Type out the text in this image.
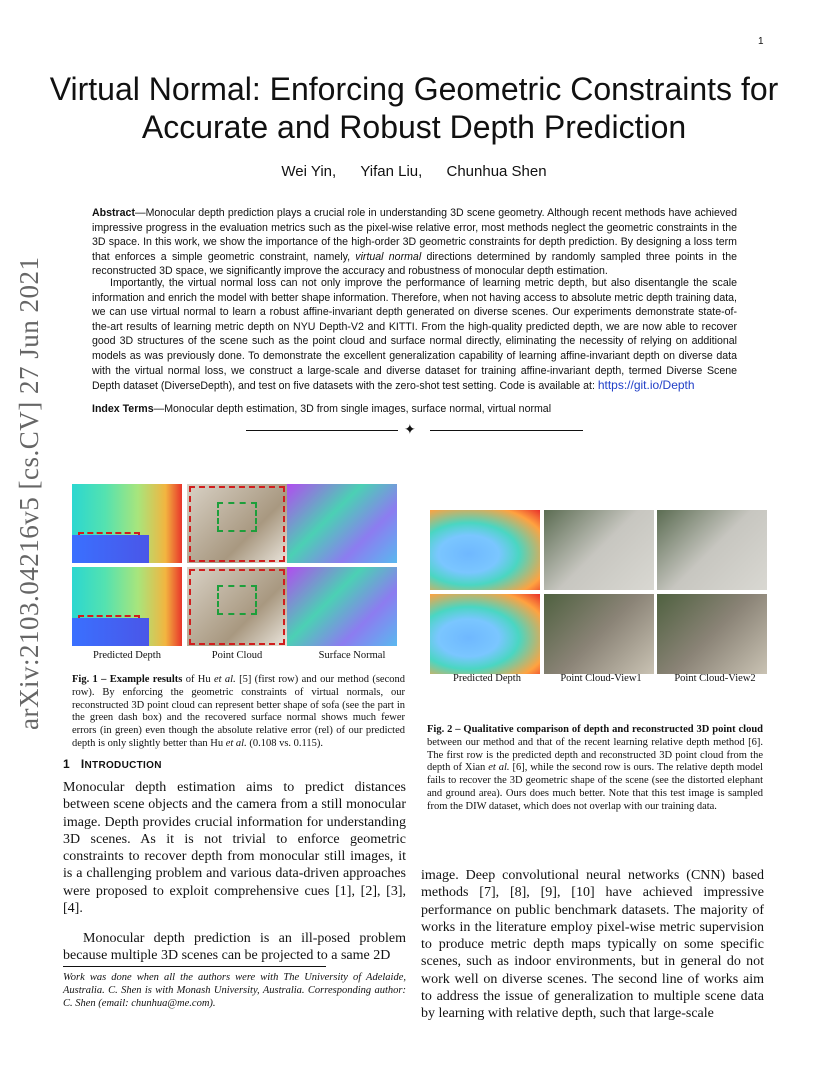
1
Virtual Normal: Enforcing Geometric Constraints for Accurate and Robust Depth Prediction
Wei Yin, Yifan Liu, Chunhua Shen
arXiv:2103.04216v5 [cs.CV] 27 Jun 2021
Abstract—Monocular depth prediction plays a crucial role in understanding 3D scene geometry. Although recent methods have achieved impressive progress in the evaluation metrics such as the pixel-wise relative error, most methods neglect the geometric constraints in the 3D space. In this work, we show the importance of the high-order 3D geometric constraints for depth prediction. By designing a loss term that enforces a simple geometric constraint, namely, virtual normal directions determined by randomly sampled three points in the reconstructed 3D space, we significantly improve the accuracy and robustness of monocular depth estimation.
Importantly, the virtual normal loss can not only improve the performance of learning metric depth, but also disentangle the scale information and enrich the model with better shape information. Therefore, when not having access to absolute metric depth training data, we can use virtual normal to learn a robust affine-invariant depth generated on diverse scenes. Our experiments demonstrate state-of-the-art results of learning metric depth on NYU Depth-V2 and KITTI. From the high-quality predicted depth, we are now able to recover good 3D structures of the scene such as the point cloud and surface normal directly, eliminating the necessity of relying on additional models as was previously done. To demonstrate the excellent generalization capability of learning affine-invariant depth on diverse data with the virtual normal loss, we construct a large-scale and diverse dataset for training affine-invariant depth, termed Diverse Scene Depth dataset (DiverseDepth), and test on five datasets with the zero-shot test setting. Code is available at: https://git.io/Depth
Index Terms—Monocular depth estimation, 3D from single images, surface normal, virtual normal
✦
Predicted Depth	Point Cloud	Surface Normal
Fig. 1 – Example results of Hu et al. [5] (first row) and our method (second row). By enforcing the geometric constraints of virtual normals, our reconstructed 3D point cloud can represent better shape of sofa (see the part in the green dash box) and the recovered surface normal shows much fewer errors (in green) even though the absolute relative error (rel) of our predicted depth is only slightly better than Hu et al. (0.108 vs. 0.115).
Predicted Depth	Point Cloud-View1	Point Cloud-View2
Fig. 2 – Qualitative comparison of depth and reconstructed 3D point cloud between our method and that of the recent learning relative depth method [6]. The first row is the predicted depth and reconstructed 3D point cloud from the depth of Xian et al. [6], while the second row is ours. The relative depth model fails to recover the 3D geometric shape of the scene (see the distorted elephant and ground area). Ours does much better. Note that this test image is sampled from the DIW dataset, which does not overlap with our training data.
1 INTRODUCTION
Monocular depth estimation aims to predict distances between scene objects and the camera from a still monocular image. Depth provides crucial information for understanding 3D scenes. As it is not trivial to enforce geometric constraints to recover depth from monocular still images, it is a challenging problem and various data-driven approaches were proposed to exploit comprehensive cues [1], [2], [3], [4].
Monocular depth prediction is an ill-posed problem because multiple 3D scenes can be projected to a same 2D
Work was done when all the authors were with The University of Adelaide, Australia. C. Shen is with Monash University, Australia. Corresponding author: C. Shen (email: chunhua@me.com).
image. Deep convolutional neural networks (CNN) based methods [7], [8], [9], [10] have achieved impressive performance on public benchmark datasets. The majority of works in the literature employ pixel-wise metric supervision to produce metric depth maps typically on some specific scenes, such as indoor environments, but in general do not work well on diverse scenes. The second line of works aim to address the issue of generalization to multiple scene data by learning with relative depth, such that large-scale
